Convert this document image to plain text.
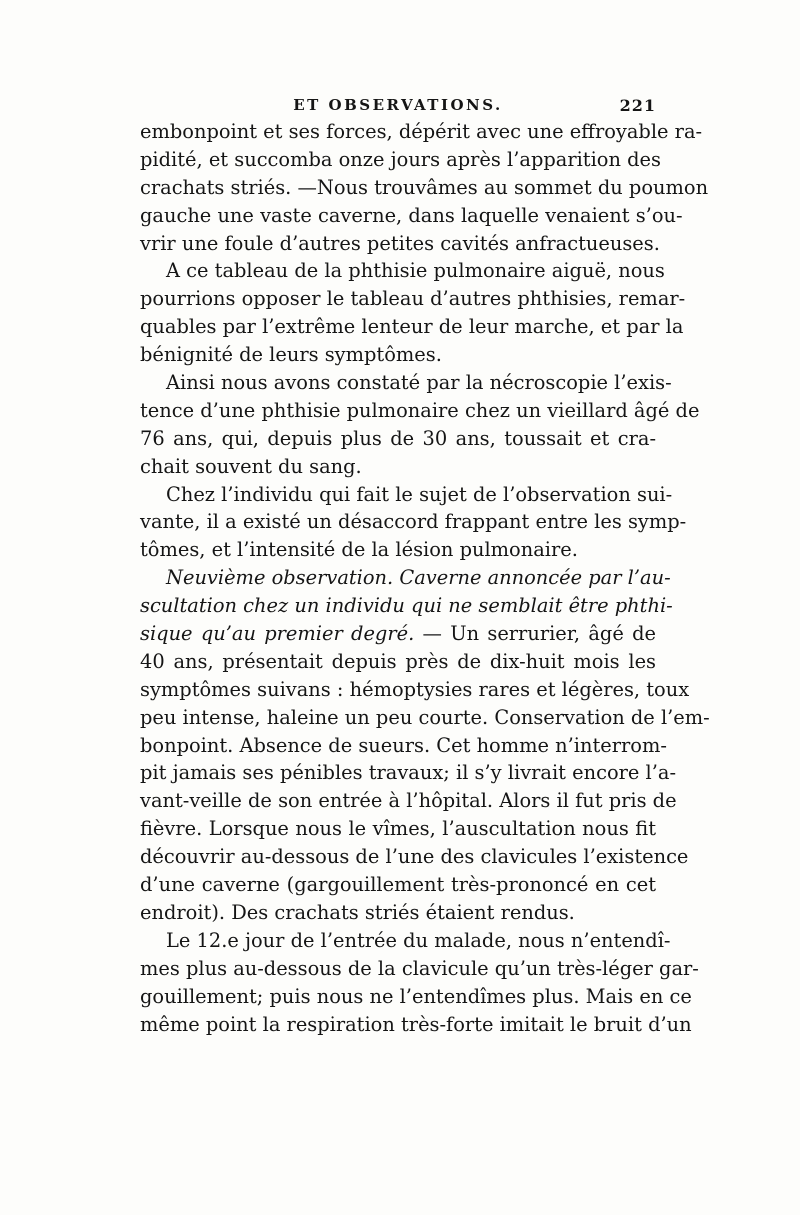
ET OBSERVATIONS.	221
embonpoint et ses forces, dépérit avec une effroyable ra-
pidité, et succomba onze jours après l’apparition des
crachats striés. —Nous trouvâmes au sommet du poumon
gauche une vaste caverne, dans laquelle venaient s’ou-
vrir une foule d’autres petites cavités anfractueuses.
A ce tableau de la phthisie pulmonaire aiguë, nous
pourrions opposer le tableau d’autres phthisies, remar-
quables par l’extrême lenteur de leur marche, et par la
bénignité de leurs symptômes.
Ainsi nous avons constaté par la nécroscopie l’exis-
tence d’une phthisie pulmonaire chez un vieillard âgé de
76 ans, qui, depuis plus de 30 ans, toussait et cra-
chait souvent du sang.
Chez l’individu qui fait le sujet de l’observation sui-
vante, il a existé un désaccord frappant entre les symp-
tômes, et l’intensité de la lésion pulmonaire.
Neuvième observation. Caverne annoncée par l’au-
scultation chez un individu qui ne semblait être phthi-
sique qu’au premier degré. — Un serrurier, âgé de
40 ans, présentait depuis près de dix-huit mois les
symptômes suivans : hémoptysies rares et légères, toux
peu intense, haleine un peu courte. Conservation de l’em-
bonpoint. Absence de sueurs. Cet homme n’interrom-
pit jamais ses pénibles travaux; il s’y livrait encore l’a-
vant-veille de son entrée à l’hôpital. Alors il fut pris de
fièvre. Lorsque nous le vîmes, l’auscultation nous fit
découvrir au-dessous de l’une des clavicules l’existence
d’une caverne (gargouillement très-prononcé en cet
endroit). Des crachats striés étaient rendus.
Le 12.e jour de l’entrée du malade, nous n’entendî-
mes plus au-dessous de la clavicule qu’un très-léger gar-
gouillement; puis nous ne l’entendîmes plus. Mais en ce
même point la respiration très-forte imitait le bruit d’un
